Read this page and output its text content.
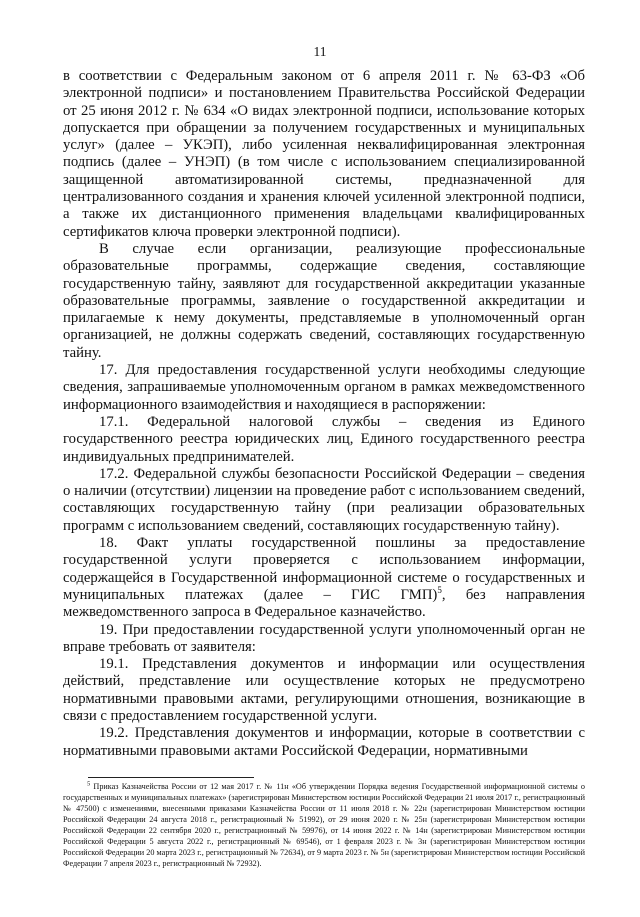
11

в соответствии с Федеральным законом от 6 апреля 2011 г. № 63-ФЗ «Об электронной подписи» и постановлением Правительства Российской Федерации от 25 июня 2012 г. № 634 «О видах электронной подписи, использование которых допускается при обращении за получением государственных и муниципальных услуг» (далее – УКЭП), либо усиленная неквалифицированная электронная подпись (далее – УНЭП) (в том числе с использованием специализированной защищенной автоматизированной системы, предназначенной для централизованного создания и хранения ключей усиленной электронной подписи, а также их дистанционного применения владельцами квалифицированных сертификатов ключа проверки электронной подписи).

В случае если организации, реализующие профессиональные образовательные программы, содержащие сведения, составляющие государственную тайну, заявляют для государственной аккредитации указанные образовательные программы, заявление о государственной аккредитации и прилагаемые к нему документы, представляемые в уполномоченный орган организацией, не должны содержать сведений, составляющих государственную тайну.

17. Для предоставления государственной услуги необходимы следующие сведения, запрашиваемые уполномоченным органом в рамках межведомственного информационного взаимодействия и находящиеся в распоряжении:

17.1. Федеральной налоговой службы – сведения из Единого государственного реестра юридических лиц, Единого государственного реестра индивидуальных предпринимателей.

17.2. Федеральной службы безопасности Российской Федерации – сведения о наличии (отсутствии) лицензии на проведение работ с использованием сведений, составляющих государственную тайну (при реализации образовательных программ с использованием сведений, составляющих государственную тайну).

18. Факт уплаты государственной пошлины за предоставление государственной услуги проверяется с использованием информации, содержащейся в Государственной информационной системе о государственных и муниципальных платежах (далее – ГИС ГМП)$^5$, без направления межведомственного запроса в Федеральное казначейство.

19. При предоставлении государственной услуги уполномоченный орган не вправе требовать от заявителя:

19.1. Представления документов и информации или осуществления действий, представление или осуществление которых не предусмотрено нормативными правовыми актами, регулирующими отношения, возникающие в связи с предоставлением государственной услуги.

19.2. Представления документов и информации, которые в соответствии с нормативными правовыми актами Российской Федерации, нормативными

$^5$ Приказ Казначейства России от 12 мая 2017 г. № 11н «Об утверждении Порядка ведения Государственной информационной системы о государственных и муниципальных платежах» (зарегистрирован Министерством юстиции Российской Федерации 21 июля 2017 г., регистрационный № 47500) с изменениями, внесенными приказами Казначейства России от 11 июля 2018 г. № 22н (зарегистрирован Министерством юстиции Российской Федерации 24 августа 2018 г., регистрационный № 51992), от 29 июня 2020 г. № 25н (зарегистрирован Министерством юстиции Российской Федерации 22 сентября 2020 г., регистрационный № 59976), от 14 июня 2022 г. № 14н (зарегистрирован Министерством юстиции Российской Федерации 5 августа 2022 г., регистрационный № 69546), от 1 февраля 2023 г. № 3н (зарегистрирован Министерством юстиции Российской Федерации 20 марта 2023 г., регистрационный № 72634), от 9 марта 2023 г. № 5н (зарегистрирован Министерством юстиции Российской Федерации 7 апреля 2023 г., регистрационный № 72932).
